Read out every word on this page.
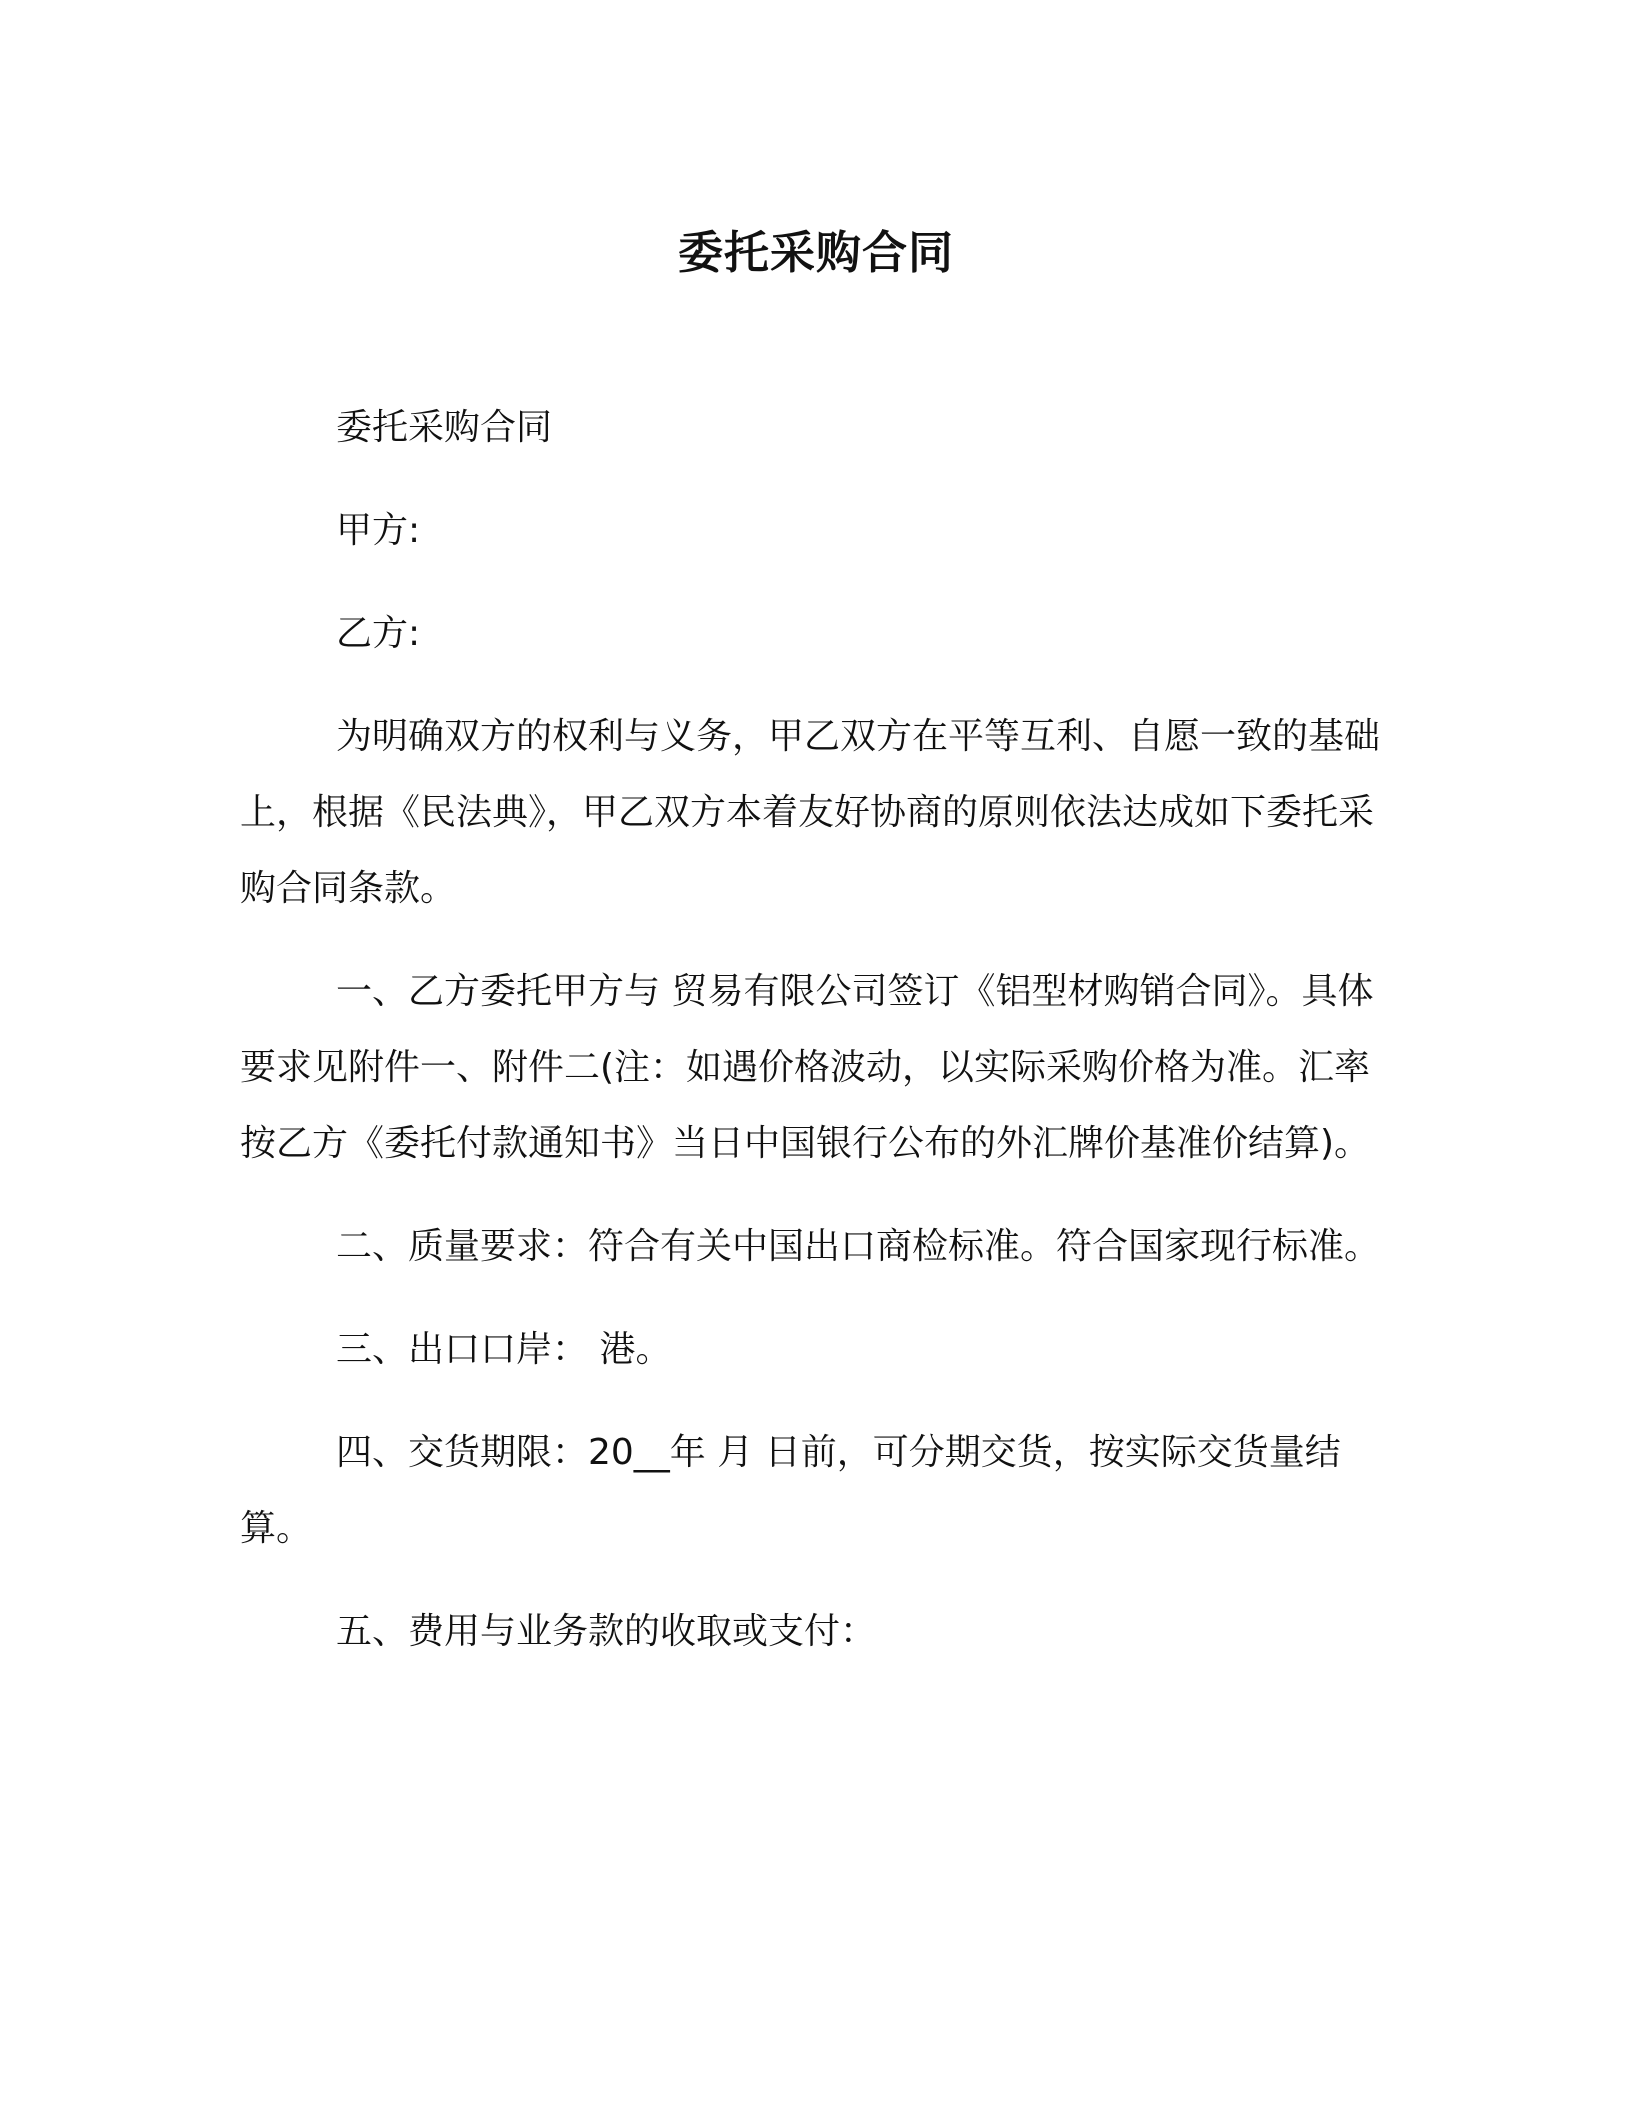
委托采购合同

委托采购合同

甲方:

乙方:

为明确双方的权利与义务，甲乙双方在平等互利、自愿一致的基础上，根据《民法典》，甲乙双方本着友好协商的原则依法达成如下委托采购合同条款。

一、乙方委托甲方与 贸易有限公司签订《铝型材购销合同》。具体要求见附件一、附件二(注：如遇价格波动，以实际采购价格为准。汇率按乙方《委托付款通知书》当日中国银行公布的外汇牌价基准价结算)。

二、质量要求：符合有关中国出口商检标准。符合国家现行标准。

三、出口口岸： 港。

四、交货期限：20__年 月 日前，可分期交货，按实际交货量结算。

五、费用与业务款的收取或支付：
